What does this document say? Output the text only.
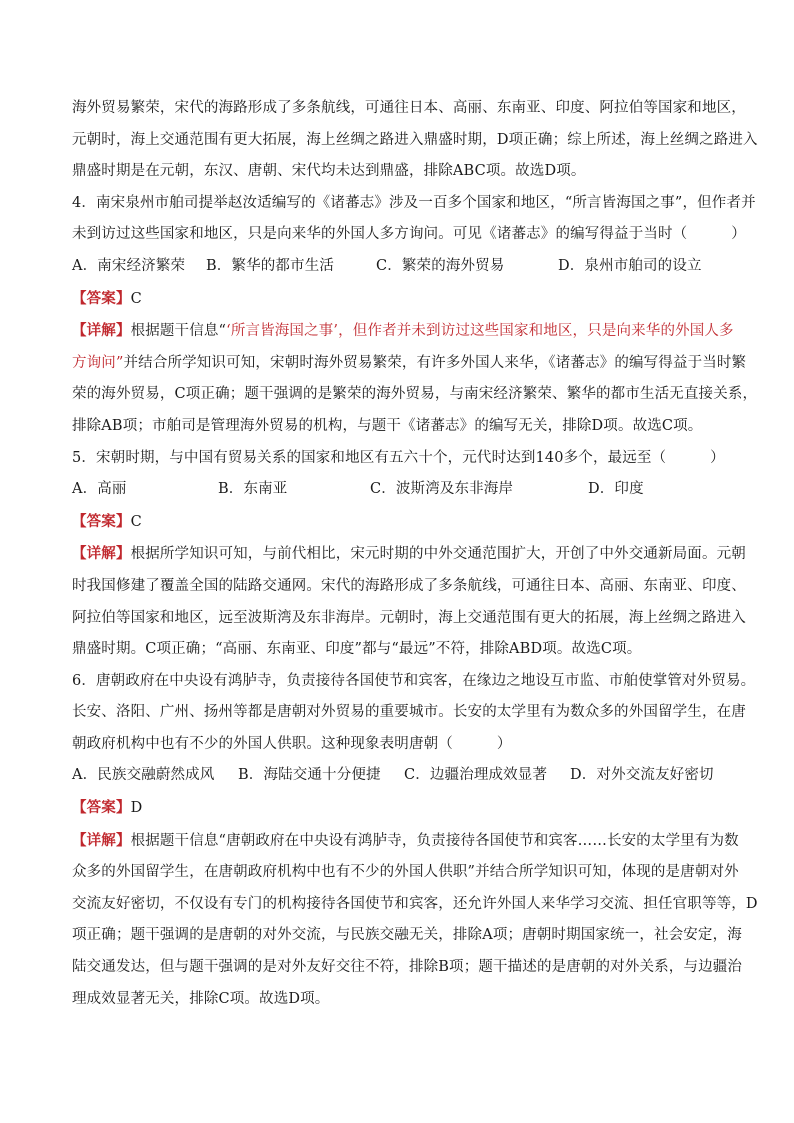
海外贸易繁荣，宋代的海路形成了多条航线，可通往日本、高丽、东南亚、印度、阿拉伯等国家和地区，
元朝时，海上交通范围有更大拓展，海上丝绸之路进入鼎盛时期，D项正确；综上所述，海上丝绸之路进入
鼎盛时期是在元朝，东汉、唐朝、宋代均未达到鼎盛，排除ABC项。故选D项。
4．南宋泉州市舶司提举赵汝适编写的《诸蕃志》涉及一百多个国家和地区，“所言皆海国之事”，但作者并
未到访过这些国家和地区，只是向来华的外国人多方询问。可见《诸蕃志》的编写得益于当时（　　　）
A．南宋经济繁荣	B．繁华的都市生活	C．繁荣的海外贸易	D．泉州市舶司的设立
【答案】C
【详解】根据题干信息“‘所言皆海国之事’，但作者并未到访过这些国家和地区，只是向来华的外国人多
方询问”并结合所学知识可知，宋朝时海外贸易繁荣，有许多外国人来华，《诸蕃志》的编写得益于当时繁
荣的海外贸易，C项正确；题干强调的是繁荣的海外贸易，与南宋经济繁荣、繁华的都市生活无直接关系，
排除AB项；市舶司是管理海外贸易的机构，与题干《诸蕃志》的编写无关，排除D项。故选C项。
5．宋朝时期，与中国有贸易关系的国家和地区有五六十个，元代时达到140多个，最远至（　　　）
A．高丽	B．东南亚	C．波斯湾及东非海岸	D．印度
【答案】C
【详解】根据所学知识可知，与前代相比，宋元时期的中外交通范围扩大，开创了中外交通新局面。元朝
时我国修建了覆盖全国的陆路交通网。宋代的海路形成了多条航线，可通往日本、高丽、东南亚、印度、
阿拉伯等国家和地区，远至波斯湾及东非海岸。元朝时，海上交通范围有更大的拓展，海上丝绸之路进入
鼎盛时期。C项正确；“高丽、东南亚、印度”都与“最远”不符，排除ABD项。故选C项。
6．唐朝政府在中央设有鸿胪寺，负责接待各国使节和宾客，在缘边之地设互市监、市舶使掌管对外贸易。
长安、洛阳、广州、扬州等都是唐朝对外贸易的重要城市。长安的太学里有为数众多的外国留学生，在唐
朝政府机构中也有不少的外国人供职。这种现象表明唐朝（　　　）
A．民族交融蔚然成风	B．海陆交通十分便捷	C．边疆治理成效显著	D．对外交流友好密切
【答案】D
【详解】根据题干信息“唐朝政府在中央设有鸿胪寺，负责接待各国使节和宾客……长安的太学里有为数
众多的外国留学生，在唐朝政府机构中也有不少的外国人供职”并结合所学知识可知，体现的是唐朝对外
交流友好密切，不仅设有专门的机构接待各国使节和宾客，还允许外国人来华学习交流、担任官职等等，D
项正确；题干强调的是唐朝的对外交流，与民族交融无关，排除A项；唐朝时期国家统一，社会安定，海
陆交通发达，但与题干强调的是对外友好交往不符，排除B项；题干描述的是唐朝的对外关系，与边疆治
理成效显著无关，排除C项。故选D项。
